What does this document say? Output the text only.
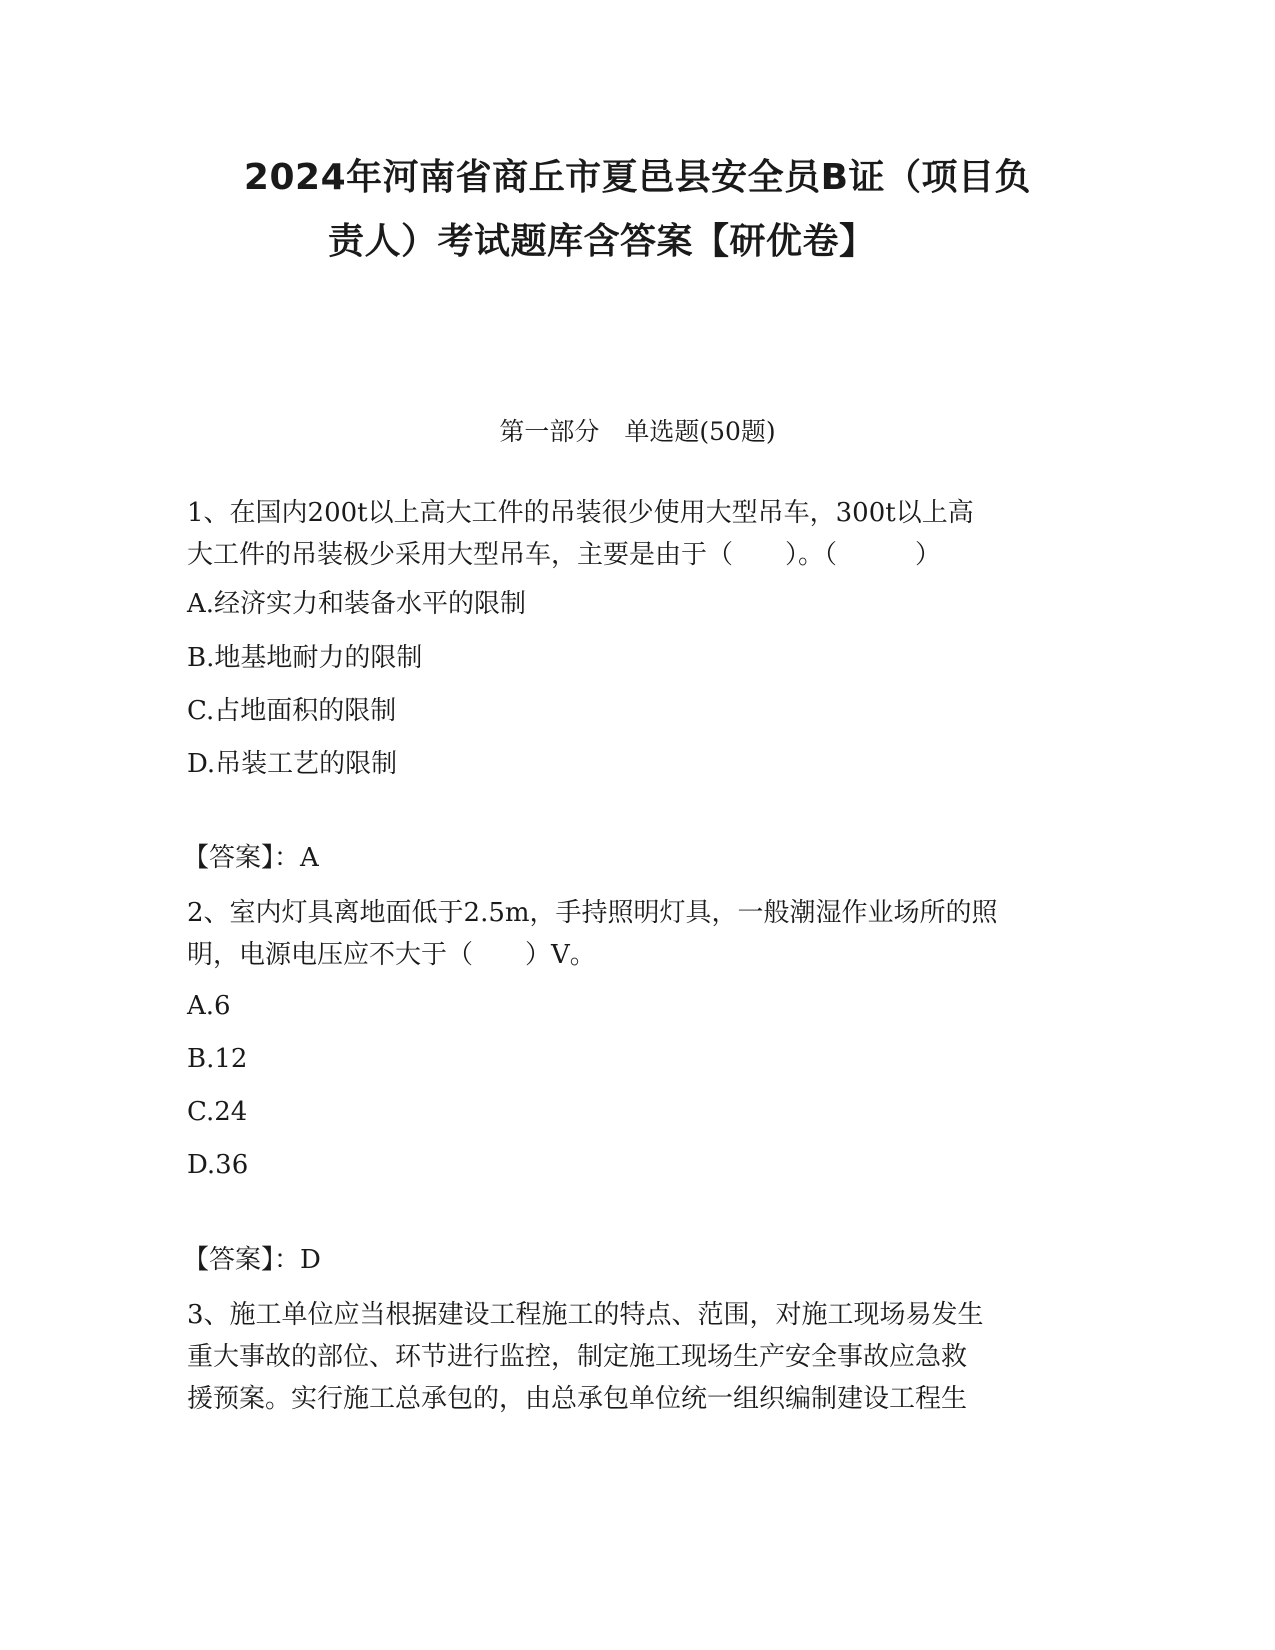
2024年河南省商丘市夏邑县安全员B证（项目负
责人）考试题库含答案【研优卷】
第一部分　单选题(50题)
1、在国内200t以上高大工件的吊装很少使用大型吊车，300t以上高
大工件的吊装极少采用大型吊车，主要是由于（　　）。（　　　）
A.经济实力和装备水平的限制
B.地基地耐力的限制
C.占地面积的限制
D.吊装工艺的限制
【答案】：A
2、室内灯具离地面低于2.5m，手持照明灯具，一般潮湿作业场所的照
明，电源电压应不大于（　　）V。
A.6
B.12
C.24
D.36
【答案】：D
3、施工单位应当根据建设工程施工的特点、范围，对施工现场易发生
重大事故的部位、环节进行监控，制定施工现场生产安全事故应急救
援预案。实行施工总承包的，由总承包单位统一组织编制建设工程生
